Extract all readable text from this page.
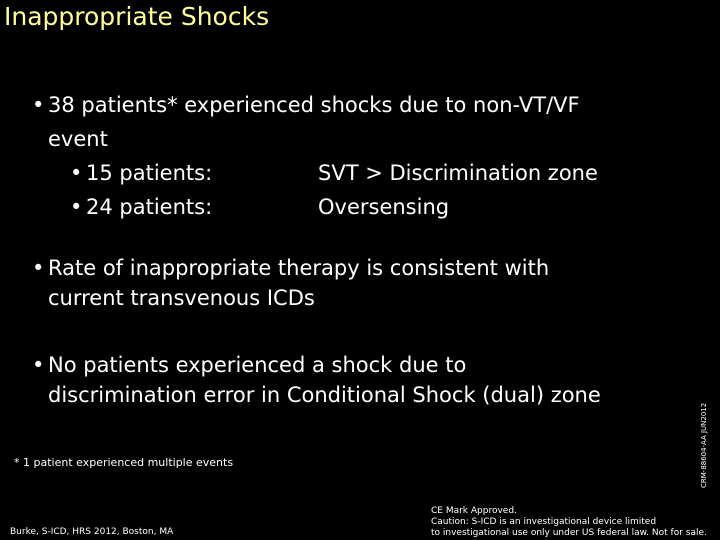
Inappropriate Shocks
• 38 patients* experienced shocks due to non-VT/VF
event
• 15 patients:	SVT > Discrimination zone
• 24 patients:	Oversensing
• Rate of inappropriate therapy is consistent with
current transvenous ICDs
• No patients experienced a shock due to
discrimination error in Conditional Shock (dual) zone
* 1 patient experienced multiple events
Burke, S-ICD, HRS 2012, Boston, MA
CE Mark Approved.
Caution: S-ICD is an investigational device limited
to investigational use only under US federal law. Not for sale.
CRM-88604-AA JUN2012
